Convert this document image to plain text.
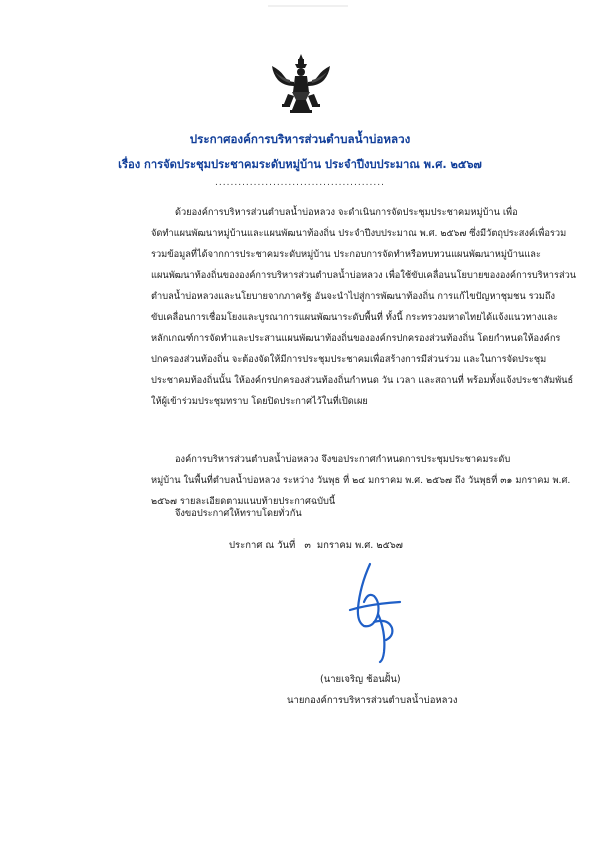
ประกาศองค์การบริหารส่วนตำบลน้ำบ่อหลวง
เรื่อง การจัดประชุมประชาคมระดับหมู่บ้าน ประจำปีงบประมาณ พ.ศ. ๒๕๖๗
............................................
ด้วยองค์การบริหารส่วนตำบลน้ำบ่อหลวง จะดำเนินการจัดประชุมประชาคมหมู่บ้าน เพื่อ
จัดทำแผนพัฒนาหมู่บ้านและแผนพัฒนาท้องถิ่น ประจำปีงบประมาณ พ.ศ. ๒๕๖๗ ซึ่งมีวัตถุประสงค์เพื่อรวม
รวมข้อมูลที่ได้จากการประชาคมระดับหมู่บ้าน ประกอบการจัดทำหรือทบทวนแผนพัฒนาหมู่บ้านและ
แผนพัฒนาท้องถิ่นขององค์การบริหารส่วนตำบลน้ำบ่อหลวง เพื่อใช้ขับเคลื่อนนโยบายขององค์การบริหารส่วน
ตำบลน้ำบ่อหลวงและนโยบายจากภาครัฐ อันจะนำไปสู่การพัฒนาท้องถิ่น การแก้ไขปัญหาชุมชน รวมถึง
ขับเคลื่อนการเชื่อมโยงและบูรณาการแผนพัฒนาระดับพื้นที่ ทั้งนี้ กระทรวงมหาดไทยได้แจ้งแนวทางและ
หลักเกณฑ์การจัดทำและประสานแผนพัฒนาท้องถิ่นขององค์กรปกครองส่วนท้องถิ่น โดยกำหนดให้องค์กร
ปกครองส่วนท้องถิ่น จะต้องจัดให้มีการประชุมประชาคมเพื่อสร้างการมีส่วนร่วม และในการจัดประชุม
ประชาคมท้องถิ่นนั้น ให้องค์กรปกครองส่วนท้องถิ่นกำหนด วัน เวลา และสถานที่ พร้อมทั้งแจ้งประชาสัมพันธ์
ให้ผู้เข้าร่วมประชุมทราบ โดยปิดประกาศไว้ในที่เปิดเผย
องค์การบริหารส่วนตำบลน้ำบ่อหลวง จึงขอประกาศกำหนดการประชุมประชาคมระดับ
หมู่บ้าน ในพื้นที่ตำบลน้ำบ่อหลวง ระหว่าง วันพุธ ที่ ๒๔ มกราคม พ.ศ. ๒๕๖๗ ถึง วันพุธที่ ๓๑ มกราคม พ.ศ.
๒๕๖๗ รายละเอียดตามแนบท้ายประกาศฉบับนี้
จึงขอประกาศให้ทราบโดยทั่วกัน
ประกาศ ณ วันที่   ๓  มกราคม พ.ศ. ๒๕๖๗
(นายเจริญ ช้อนฝั้น)
นายกองค์การบริหารส่วนตำบลน้ำบ่อหลวง
